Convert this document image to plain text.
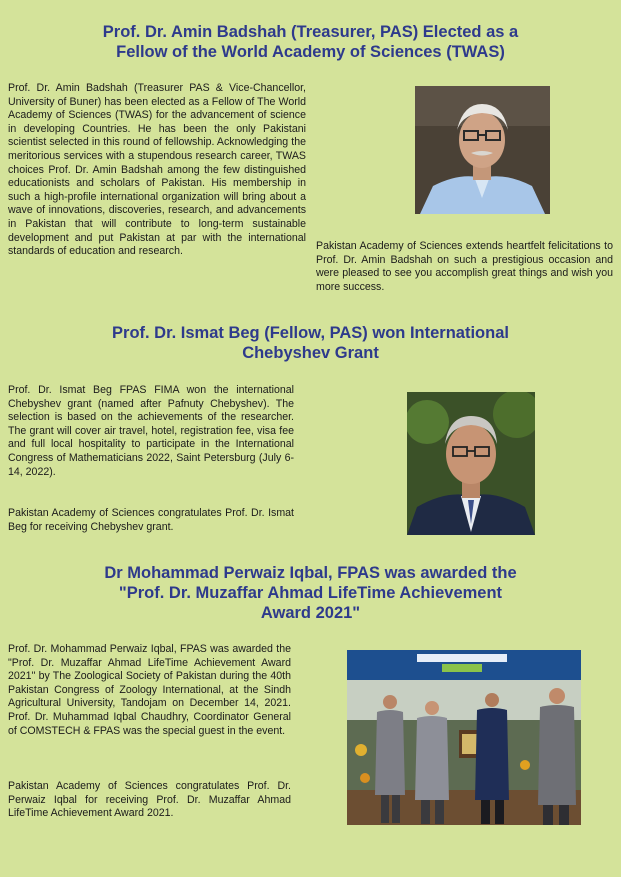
Prof. Dr. Amin Badshah (Treasurer, PAS) Elected as a
Fellow of the World Academy of Sciences (TWAS)

Prof. Dr. Amin Badshah (Treasurer PAS & Vice-Chancellor, University of Buner) has been elected as a Fellow of The World Academy of Sciences (TWAS) for the advancement of science in developing Countries. He has been the only Pakistani scientist selected in this round of fellowship. Acknowledging the meritorious services with a stupendous research career, TWAS choices Prof. Dr. Amin Badshah among the few distinguished educationists and scholars of Pakistan. His membership in such a high-profile international organization will bring about a wave of innovations, discoveries, research, and advancements in Pakistan that will contribute to long-term sustainable development and put Pakistan at par with the international standards of education and research.	Pakistan Academy of Sciences extends heartfelt felicitations to Prof. Dr. Amin Badshah on such a prestigious occasion and were pleased to see you accomplish great things and wish you more success.

Prof. Dr. Ismat Beg (Fellow, PAS) won International
Chebyshev Grant

Prof. Dr. Ismat Beg FPAS FIMA won the international Chebyshev grant (named after Pafnuty Chebyshev). The selection is based on the achievements of the researcher. The grant will cover air travel, hotel, registration fee, visa fee and full local hospitality to participate in the International Congress of Mathematicians 2022, Saint Petersburg (July 6-14, 2022).

Pakistan Academy of Sciences congratulates Prof. Dr. Ismat Beg for receiving Chebyshev grant.

Dr Mohammad Perwaiz Iqbal, FPAS was awarded the
"Prof. Dr. Muzaffar Ahmad LifeTime Achievement
Award 2021"

Prof. Dr. Mohammad Perwaiz Iqbal, FPAS was awarded the "Prof. Dr. Muzaffar Ahmad LifeTime Achievement Award 2021" by The Zoological Society of Pakistan during the 40th Pakistan Congress of Zoology International, at the Sindh Agricultural University, Tandojam on December 14, 2021. Prof. Dr. Muhammad Iqbal Chaudhry, Coordinator General of COMSTECH & FPAS was the special guest in the event.

Pakistan Academy of Sciences congratulates Prof. Dr. Perwaiz Iqbal for receiving Prof. Dr. Muzaffar Ahmad LifeTime Achievement Award 2021.
